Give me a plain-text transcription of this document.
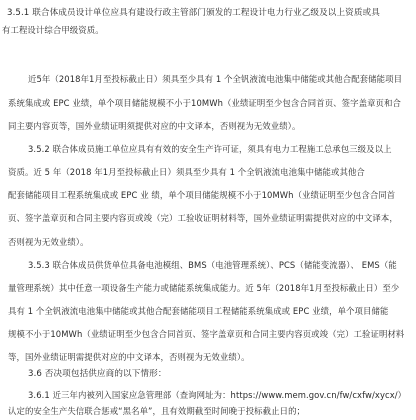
3.5.1 联合体成员设计单位应具有建设行政主管部门颁发的工程设计电力行业乙级及以上资质或具
有工程设计综合甲级资质。
近5年（2018年1月至投标截止日）须具至少具有 1 个全钒液流电池集中储能或其他合配套储能项目
系统集成或 EPC 业绩，单个项目储能规模不小于10MWh（业绩证明至少包含合同首页、签字盖章页和合
同主要内容页等，国外业绩证明须提供对应的中文译本，否则视为无效业绩）。
3.5.2 联合体成员施工单位应具有有效的安全生产许可证，须具有电力工程施工总承包三级及以上
资质。近 5 年（2018 年1月至投标截止日）须具至少具有 1 个全钒液流电池集中储能或其他合
配套储能项目工程系统集成或 EPC 业 绩，单个项目储能规模不小于10MWh（业绩证明至少包含合同首
页、签字盖章页和合同主要内容页或竣（完）工验收证明材料等，国外业绩证明需提供对应的中文译本，
否则视为无效业绩）。
3.5.3 联合体成员供货单位具备电池模组、BMS（电池管理系统）、PCS（储能变流器）、 EMS（能
量管理系统）其中任意一项设备生产能力或储能系统集成能力。近 5年（2018年1月至投标截止日）至少
具有 1 个全钒液流电池集中储能或其他合配套储能项目工程储能系统集成或 EPC 业绩，单个项目储能
规模不小于10MWh（业绩证明至少包含合同首页、签字盖章页和合同主要内容页或竣（完）工验证明材料
等，国外业绩证明需提供对应的中文译本，否则视为无效业绩）。
3.6 否决项包括供应商的以下情形：
3.6.1 近三年内被列入国家应急管理部（查询网址为：https://www.mem.gov.cn/fw/cxfw/xycx/）
认定的安全生产失信联合惩戒“黑名单”，且有效期截至时间晚于投标截止日的；
